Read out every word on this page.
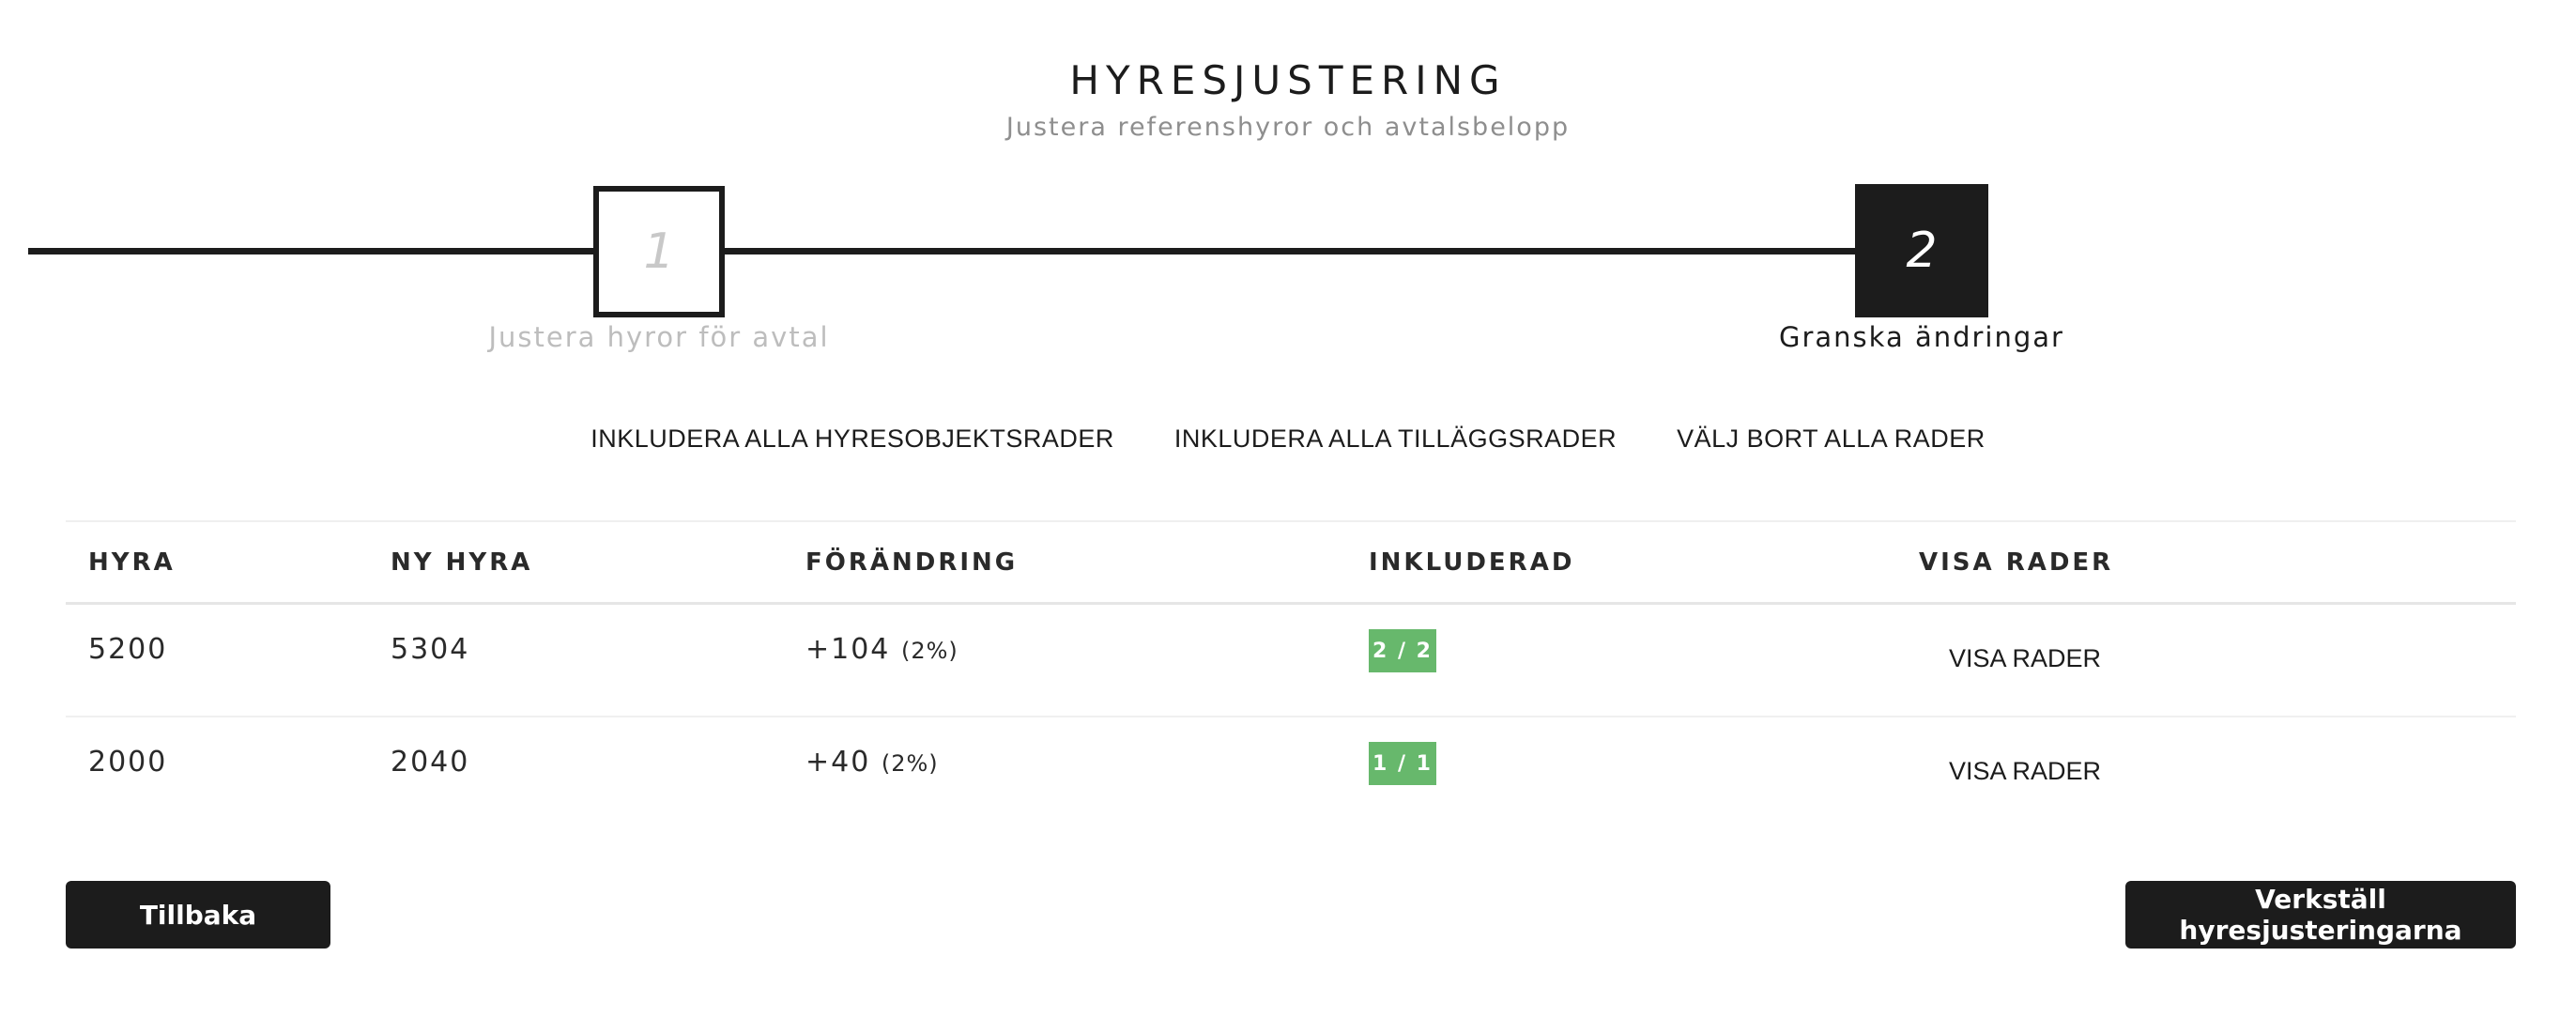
HYRESJUSTERING
Justera referenshyror och avtalsbelopp
1
Justera hyror för avtal
2
Granska ändringar
INKLUDERA ALLA HYRESOBJEKTSRADER INKLUDERA ALLA TILLÄGGSRADER VÄLJ BORT ALLA RADER
HYRA	NY HYRA	FÖRÄNDRING	INKLUDERAD	VISA RADER
5200	5304	+104 (2%)	2 / 2	VISA RADER
2000	2040	+40 (2%)	1 / 1	VISA RADER
Tillbaka	Verkställ hyresjusteringarna
